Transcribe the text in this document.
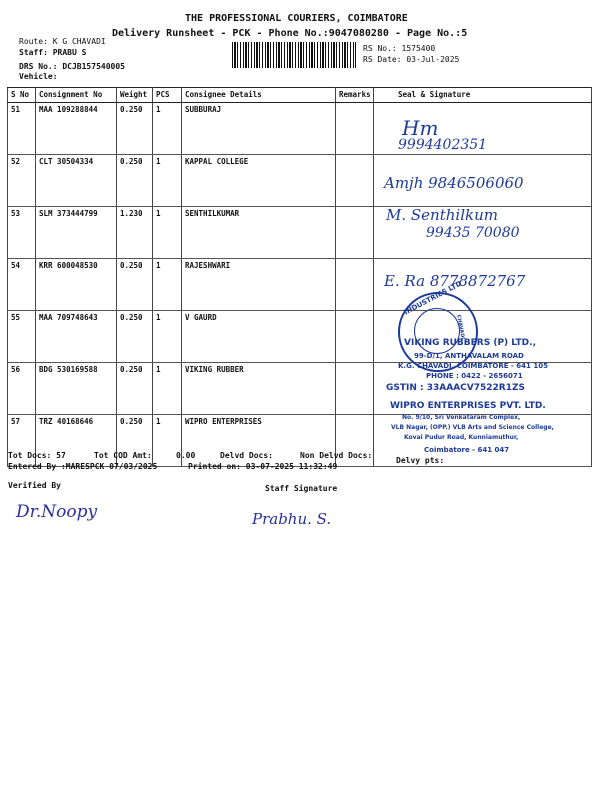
THE PROFESSIONAL COURIERS, COIMBATORE
Delivery Runsheet - PCK - Phone No.:9047080280 - Page No.:5
Route: K G CHAVADI
Staff: PRABU S
DRS No.: DCJB157540005
Vehicle:
RS No.: 1575400
RS Date: 03-Jul-2025
S No	Consignment No	Weight	PCS	Consignee Details	Remarks	Seal & Signature
51	MAA 109288844	0.250	1	SUBBURAJ		
52	CLT 30504334	0.250	1	KAPPAL COLLEGE		
53	SLM 373444799	1.230	1	SENTHILKUMAR		
54	KRR 600048530	0.250	1	RAJESHWARI		
55	MAA 709748643	0.250	1	V GAURD		
56	BDG 530169588	0.250	1	VIKING RUBBER		
57	TRZ 40168646	0.250	1	WIPRO ENTERPRISES		
Hm
9994402351
Amjh 9846506060
M. Senthilkum
99435 70080
E. Ra 8778872767
INDUSTRIES LTD
CHAVADI
VIKING RUBBERS (P) LTD.,
99-D/1, ANTHAVALAM ROAD
K.G. CHAVADI, COIMBATORE - 641 105
PHONE : 0422 - 2656071
GSTIN : 33AAACV7522R1ZS
WIPRO ENTERPRISES PVT. LTD.
No. 9/10, Sri Venkataram Complex,
VLB Nagar, (OPP.) VLB Arts and Science College,
Kovai Pudur Road, Kunniamuthur,
Coimbatore - 641 047
Tot Docs: 57	Tot COD Amt:	0.00	Delvd Docs:	Non Delvd Docs:
Delvy pts:
Entered By :MARESPCK 07/03/2025	Printed on: 03-07-2025 11:32:49
Verified By	Staff Signature
Dr.Noopy	Prabhu. S.
